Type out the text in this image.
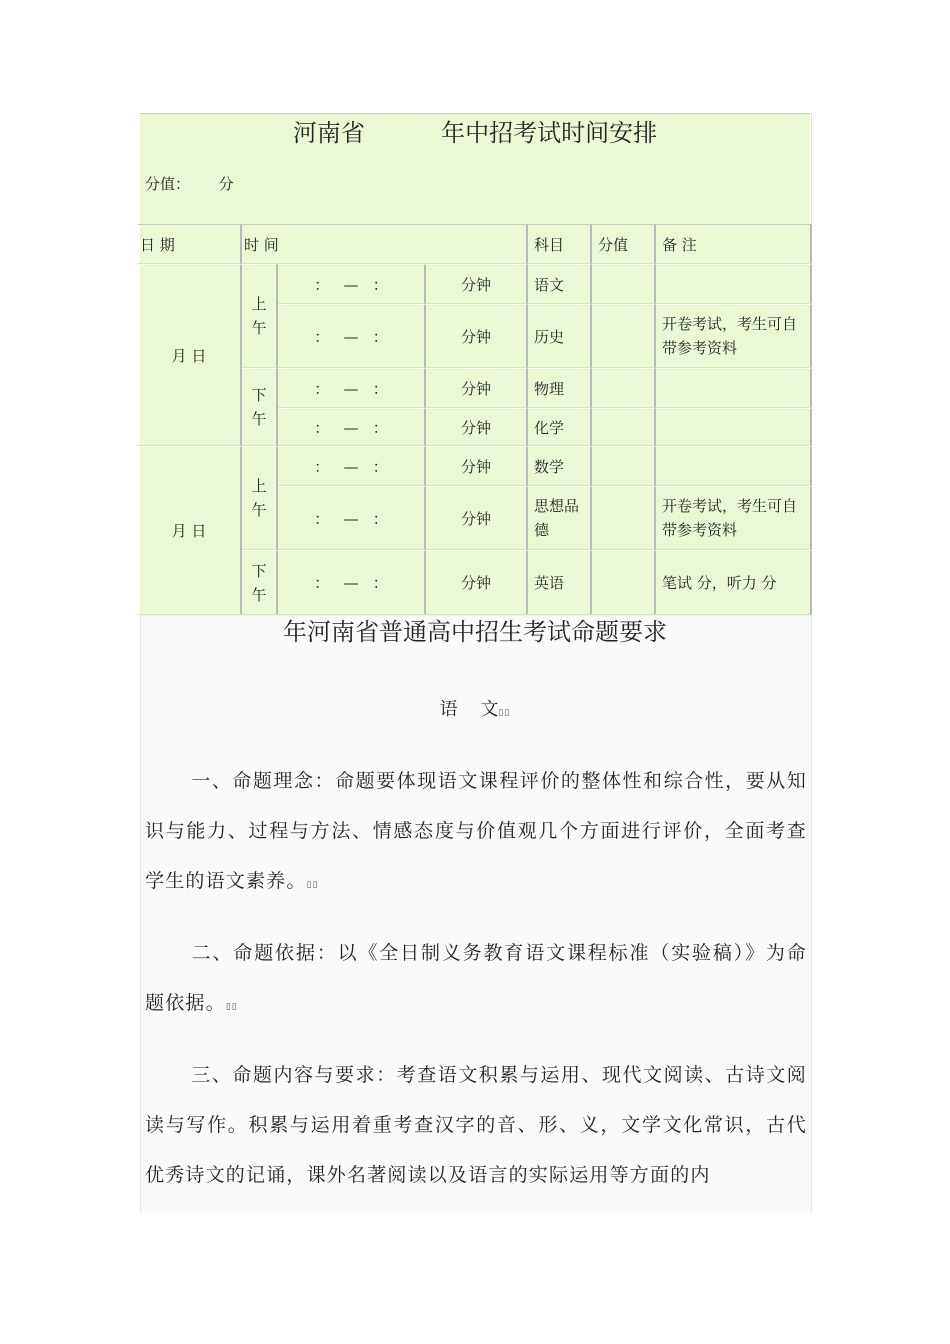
河南省          年中招考试时间安排
分值：      分
日 期	时 间			科目	分值	备 注
月 日	上午	：   —   ：	分钟	语文		
		：   —   ：	分钟	历史		开卷考试，考生可自带参考资料
	下午	：   —   ：	分钟	物理		
		：   —   ：	分钟	化学		
月 日	上午	：   —   ：	分钟	数学		
		：   —   ：	分钟	思想品德		开卷考试，考生可自带参考资料
	下午	：   —   ：	分钟	英语		笔试 分，听力 分
年河南省普通高中招生考试命题要求
语    文▯▯
一、命题理念：命题要体现语文课程评价的整体性和综合性，要从知识与能力、过程与方法、情感态度与价值观几个方面进行评价，全面考查学生的语文素养。▯▯
二、命题依据：以《全日制义务教育语文课程标准（实验稿）》为命题依据。▯▯
三、命题内容与要求：考查语文积累与运用、现代文阅读、古诗文阅读与写作。积累与运用着重考查汉字的音、形、义，文学文化常识，古代优秀诗文的记诵，课外名著阅读以及语言的实际运用等方面的内
